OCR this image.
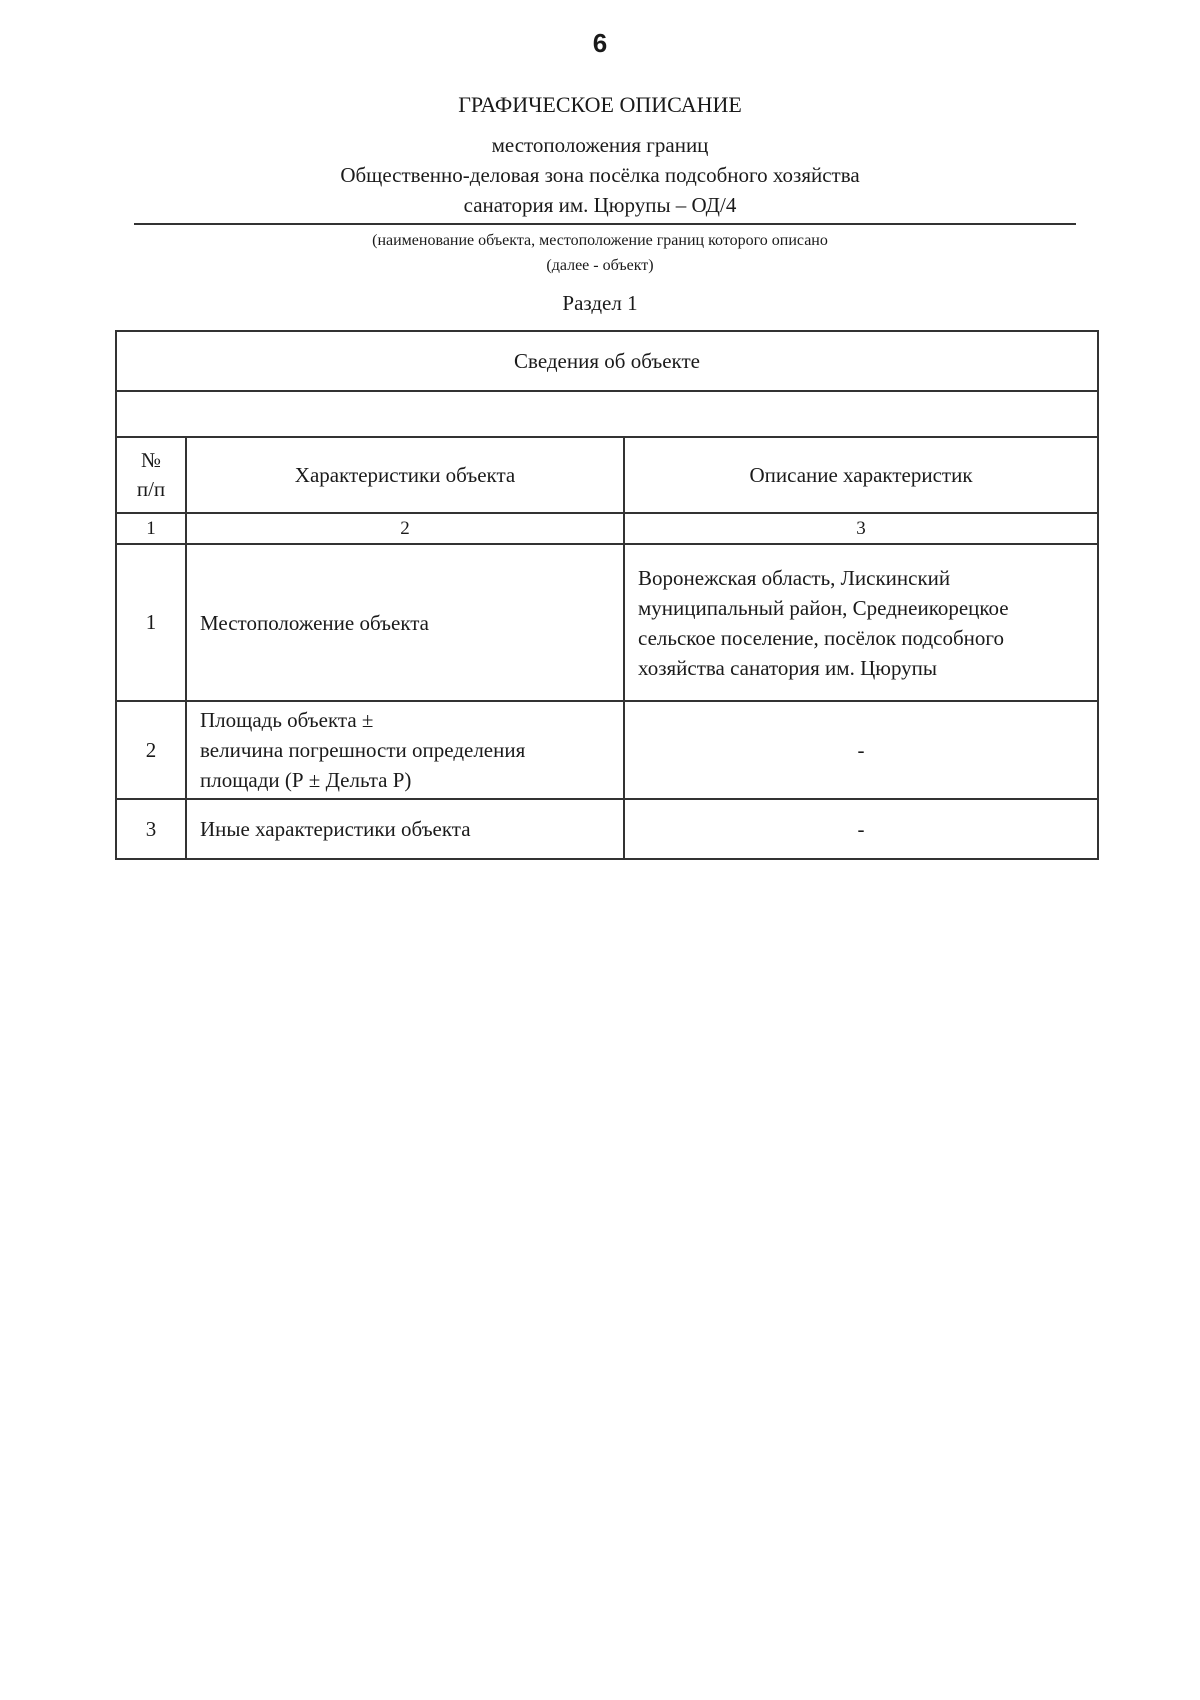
6
ГРАФИЧЕСКОЕ ОПИСАНИЕ
местоположения границ
Общественно-деловая зона посёлка подсобного хозяйства
санатория им. Цюрупы – ОД/4
(наименование объекта, местоположение границ которого описано
(далее - объект)
Раздел 1
Сведения об объекте		

№
п/п	Характеристики объекта	Описание характеристик
1	2	3
1	Местоположение объекта	Воронежская область, Лискинский
муниципальный район, Среднеикорецкое
сельское поселение, посёлок подсобного
хозяйства санатория им. Цюрупы

2	Площадь объекта ±
величина погрешности определения
площади (Р ± Дельта Р)	-
3	Иные характеристики объекта	-
